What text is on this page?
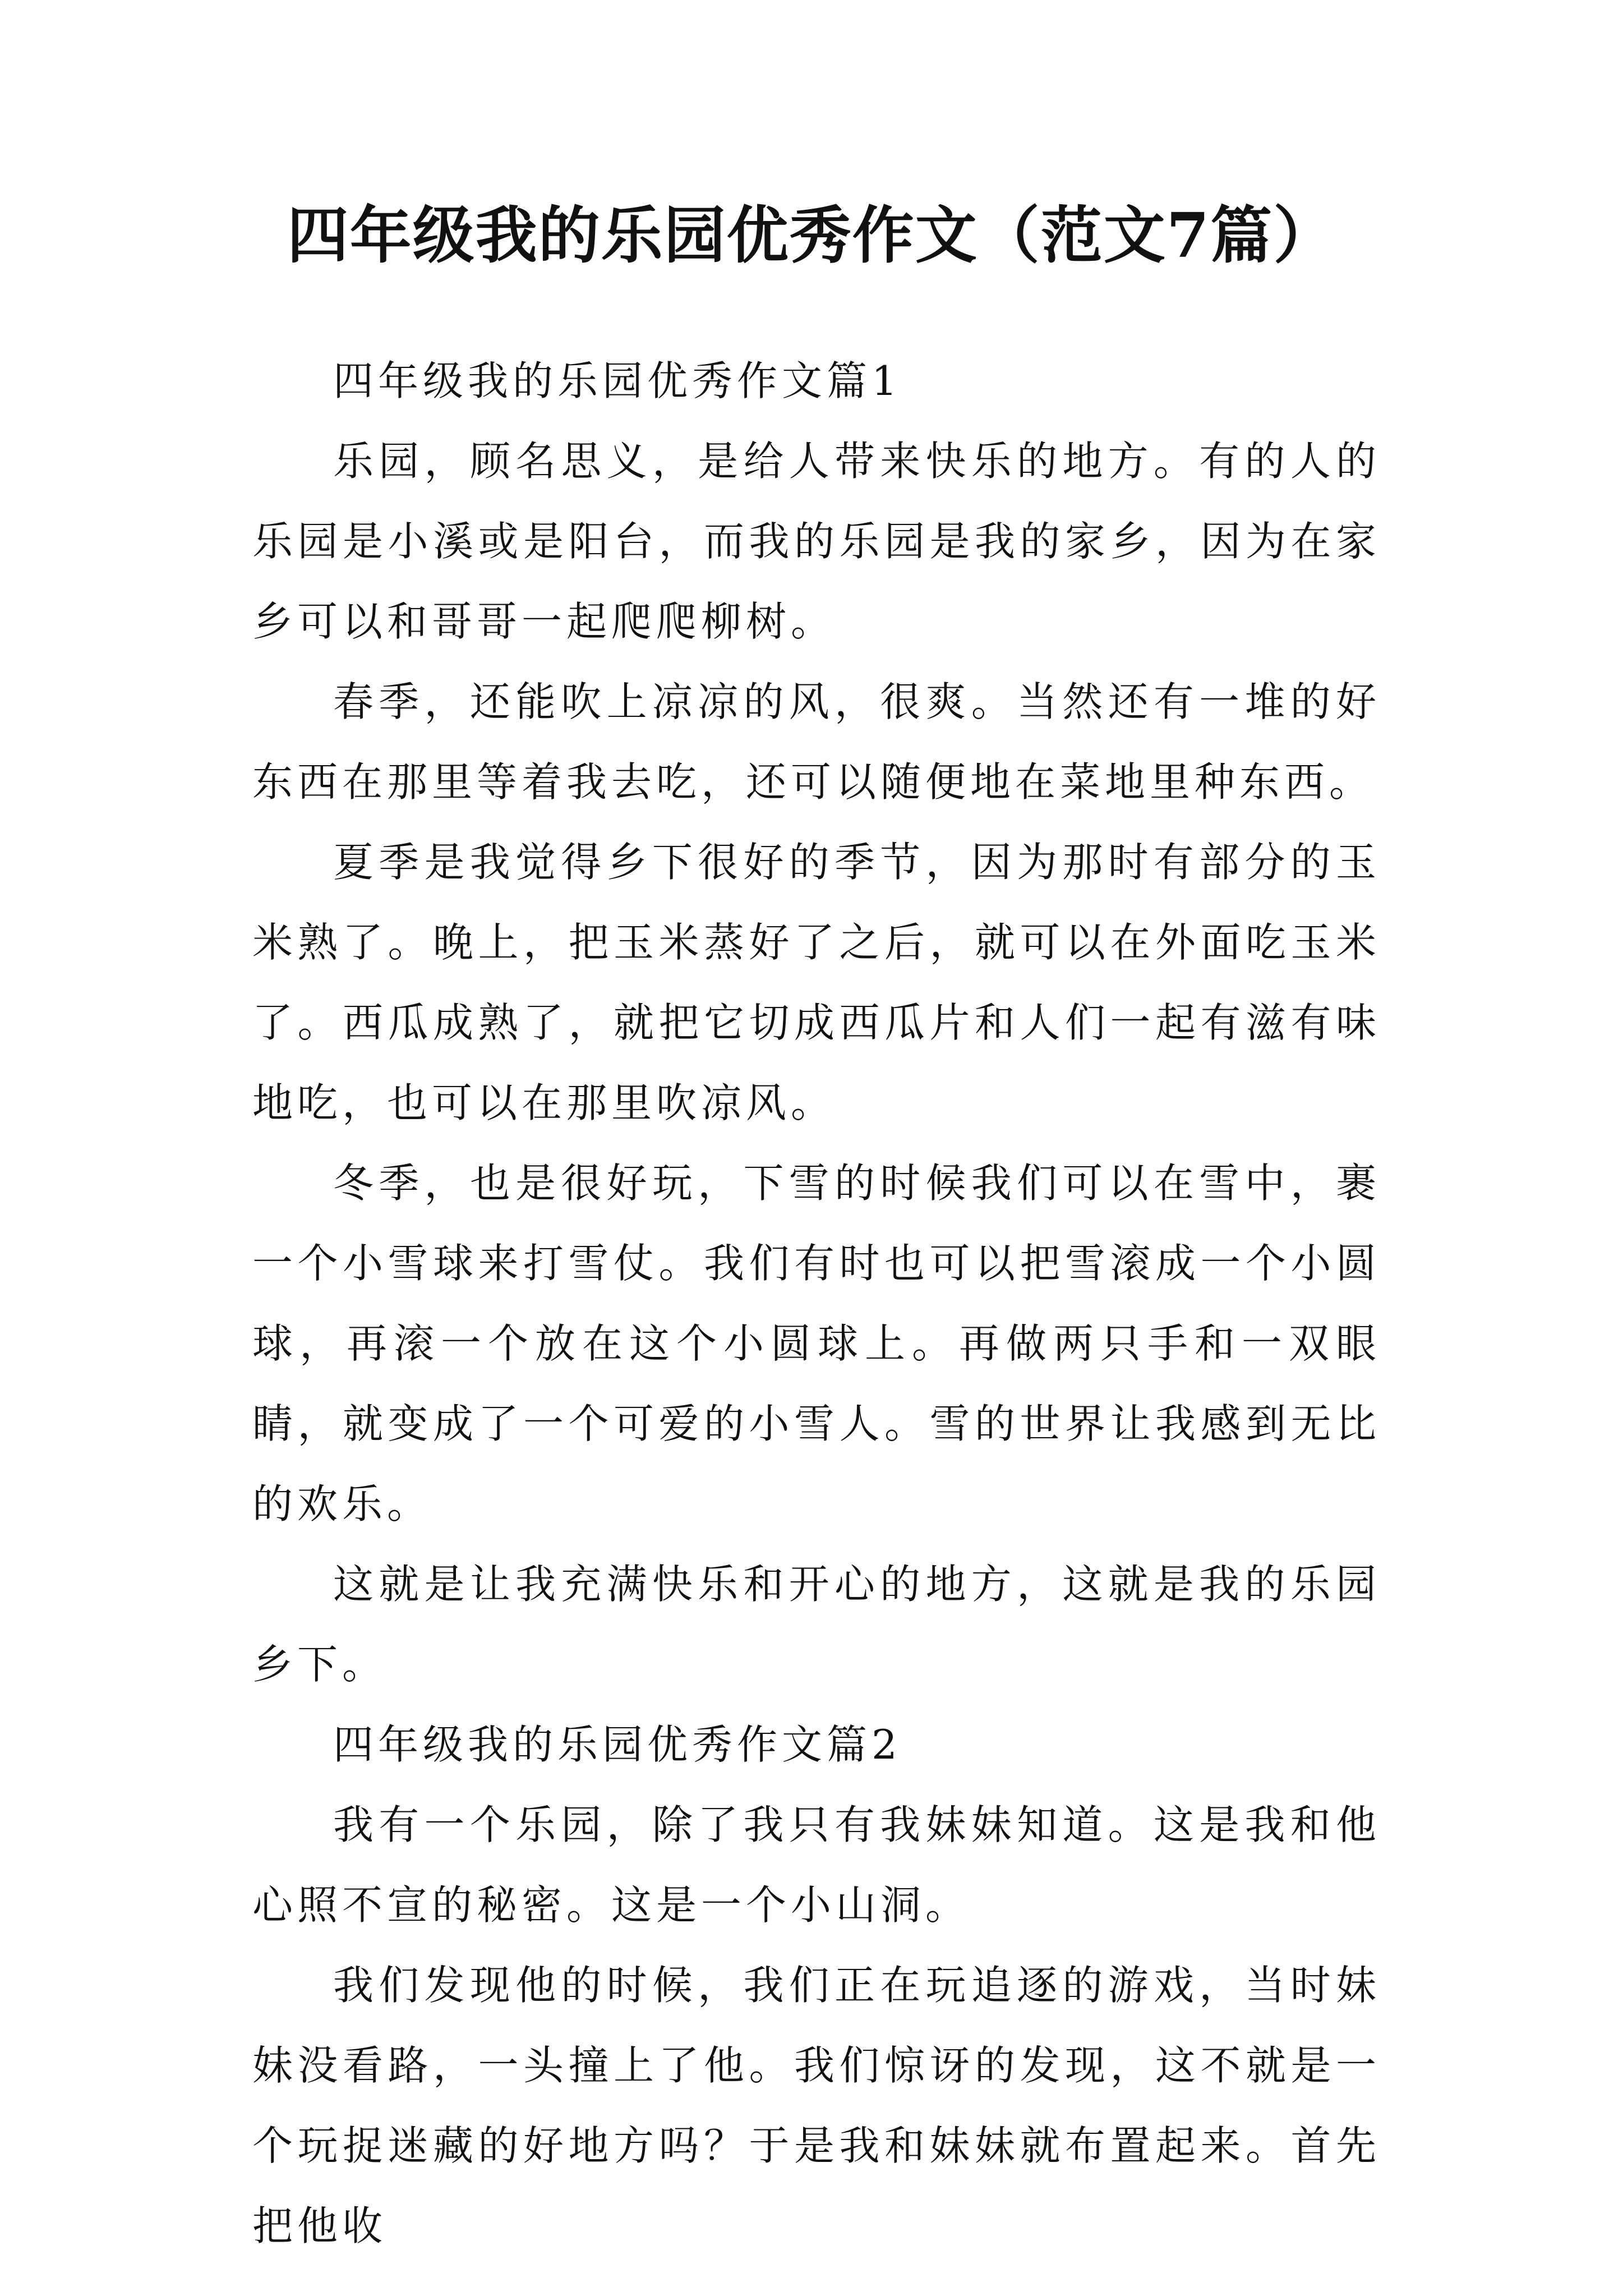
四年级我的乐园优秀作文（范文7篇）

四年级我的乐园优秀作文篇1

乐园，顾名思义，是给人带来快乐的地方。有的人的乐园是小溪或是阳台，而我的乐园是我的家乡，因为在家乡可以和哥哥一起爬爬柳树。

春季，还能吹上凉凉的风，很爽。当然还有一堆的好东西在那里等着我去吃，还可以随便地在菜地里种东西。

夏季是我觉得乡下很好的季节，因为那时有部分的玉米熟了。晚上，把玉米蒸好了之后，就可以在外面吃玉米了。西瓜成熟了，就把它切成西瓜片和人们一起有滋有味地吃，也可以在那里吹凉风。

冬季，也是很好玩，下雪的时候我们可以在雪中，裹一个小雪球来打雪仗。我们有时也可以把雪滚成一个小圆球，再滚一个放在这个小圆球上。再做两只手和一双眼睛，就变成了一个可爱的小雪人。雪的世界让我感到无比的欢乐。

这就是让我充满快乐和开心的地方，这就是我的乐园乡下。

四年级我的乐园优秀作文篇2

我有一个乐园，除了我只有我妹妹知道。这是我和他心照不宣的秘密。这是一个小山洞。

我们发现他的时候，我们正在玩追逐的游戏，当时妹妹没看路，一头撞上了他。我们惊讶的发现，这不就是一个玩捉迷藏的好地方吗？于是我和妹妹就布置起来。首先把他收
